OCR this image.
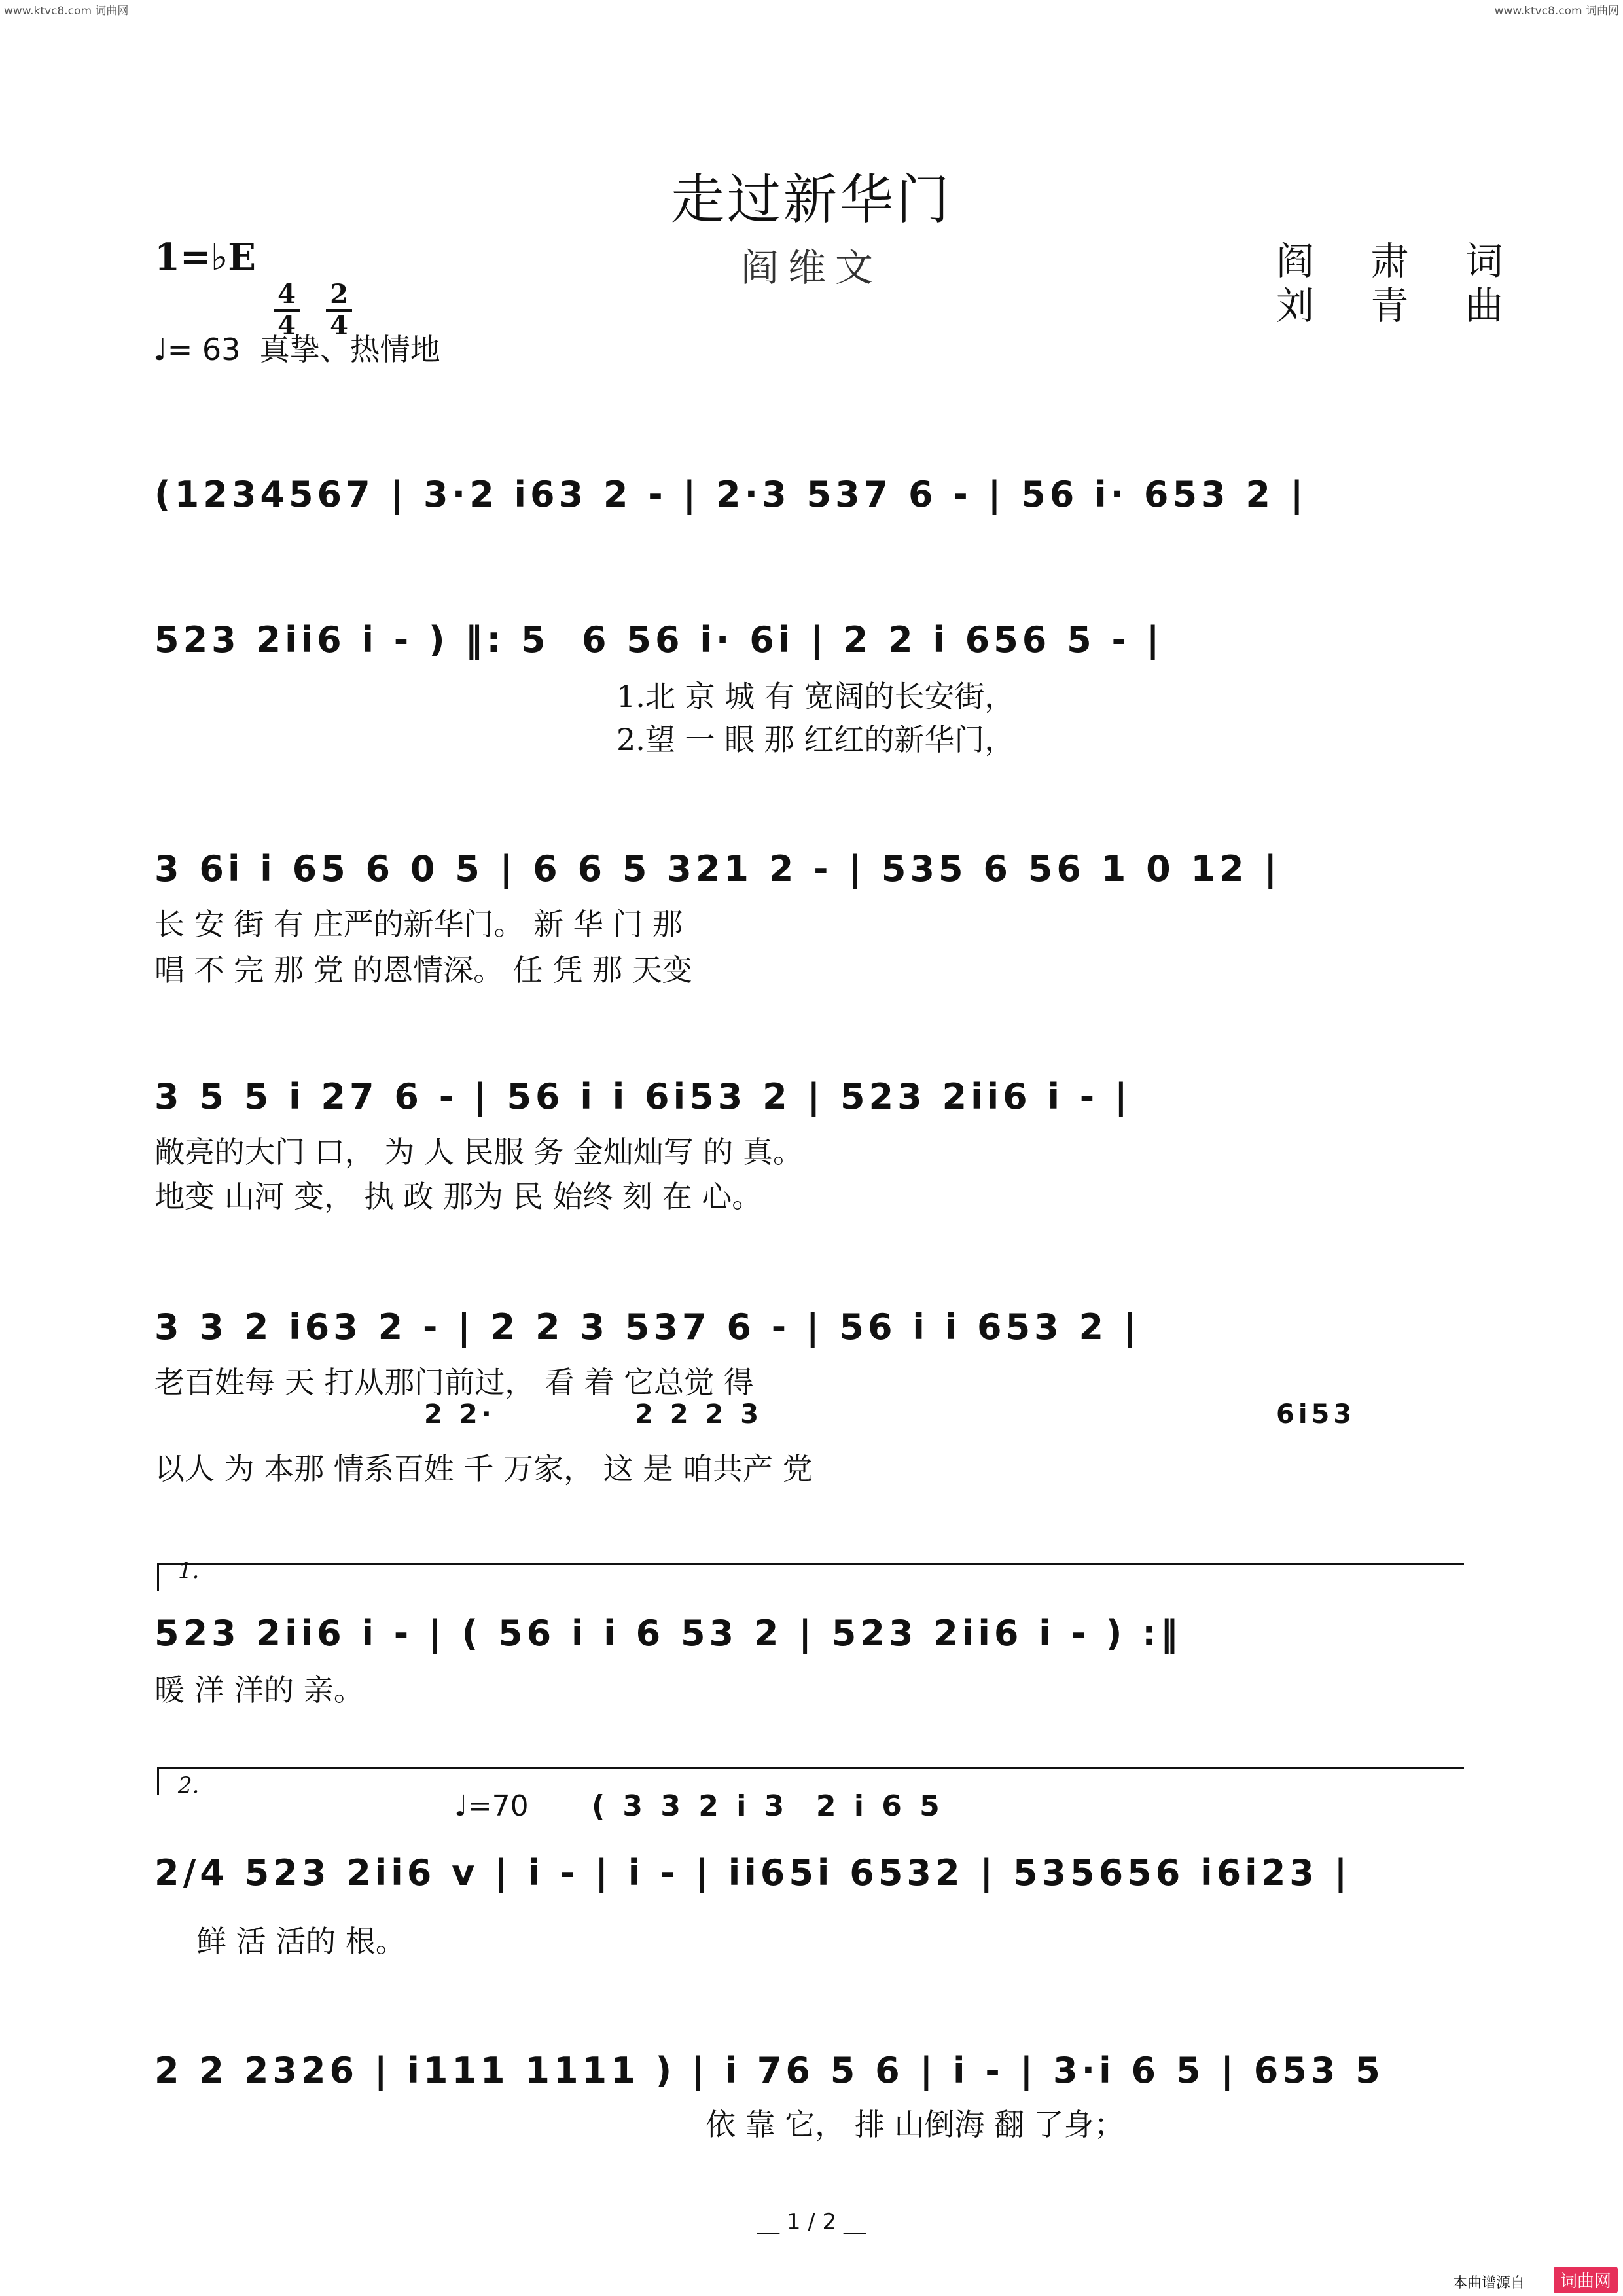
www.ktvc8.com 词曲网	www.ktvc8.com 词曲网
走过新华门
阎维文	阎 肃 词
刘 青 曲
1=♭E

4
4

2
4

♩= 63  真挚、热情地
(1234567 | 3·2 i63 2 - | 2·3 537 6 - | 56 i· 653 2 |
523 2ii6 i - ) ‖: 5  6 56 i· 6i | 2 2 i 656 5 - |
1.北 京 城 有 宽阔的长安街，
2.望 一 眼 那 红红的新华门，
3 6i i 65 6 0 5 | 6 6 5 321 2 - | 535 6 56 1 0 12 |
长 安 街 有 庄严的新华门。 新 华 门 那
唱 不 完 那 党 的恩情深。 任 凭 那 天变
3 5 5 i 27 6 - | 56 i i 6i53 2 | 523 2ii6 i - |
敞亮的大门 口， 为 人 民服 务 金灿灿写 的 真。
地变 山河 变， 执 政 那为 民 始终 刻 在 心。
3 3 2 i63 2 - | 2 2 3 537 6 - | 56 i i 653 2 |
老百姓每 天 打从那门前过， 看 着 它总觉 得
2 2·	2 2 2 3	6i53
以人 为 本那 情系百姓 千 万家， 这 是 咱共产 党
1.
523 2ii6 i - | ( 56 i i 6 53 2 | 523 2ii6 i - ) :‖
暖 洋 洋的 亲。
2.
♩=70 ( 3 3 2 i 3  2 i 6 5
2/4 523 2ii6 v | i - | i - | ii65i 6532 | 535656 i6i23 |
鲜 活 活的 根。
2 2 2326 | i111 1111 ) | i 76 5 6 | i - | 3·i 6 5 | 653 5
依 靠 它， 排 山倒海 翻 了身；
__ 1 / 2 __
本曲谱源自	词曲网
